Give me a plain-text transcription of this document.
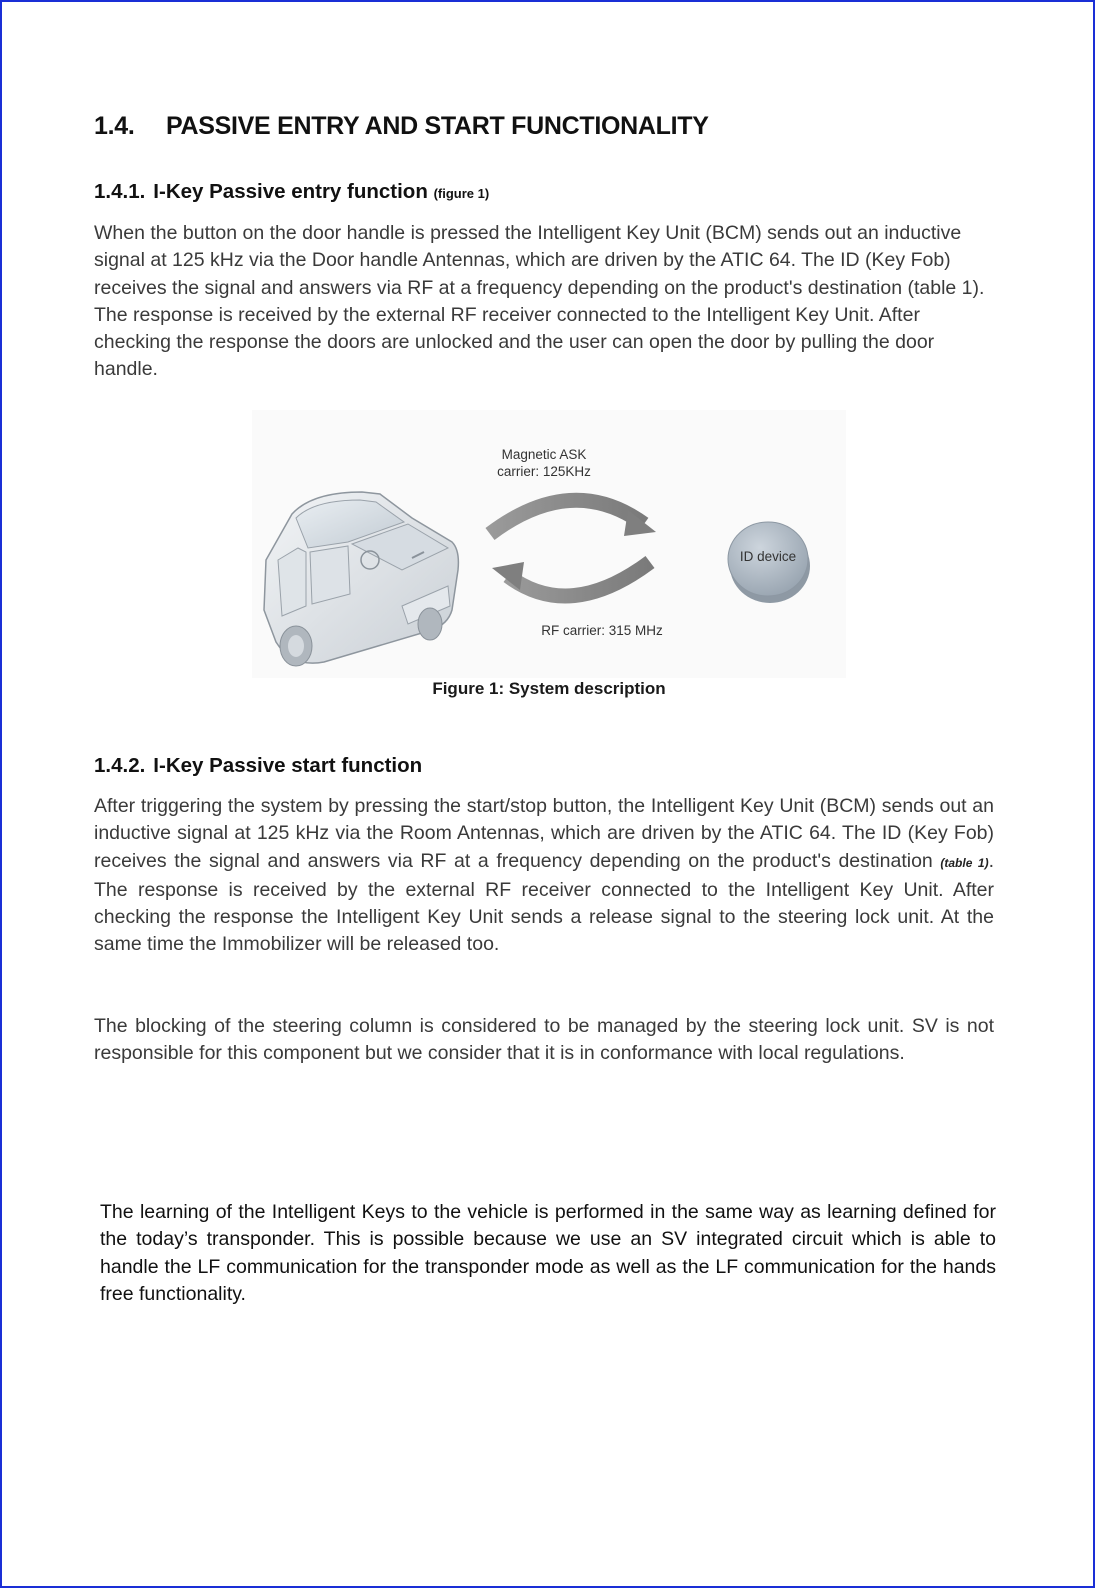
1.4. PASSIVE ENTRY AND START FUNCTIONALITY
1.4.1. I-Key Passive entry function (figure 1)

When the button on the door handle is pressed the Intelligent Key Unit (BCM) sends out an inductive signal at 125 kHz via the Door handle Antennas, which are driven by the ATIC 64. The ID (Key Fob) receives the signal and answers via RF at a frequency depending on the product's destination (table 1). The response is received by the external RF receiver connected to the Intelligent Key Unit. After checking the response the doors are unlocked and the user can open the door by pulling the door handle.

Magnetic ASK
carrier: 125KHz
RF carrier: 315 MHz
ID device
Figure 1: System description
1.4.2. I-Key Passive start function

After triggering the system by pressing the start/stop button, the Intelligent Key Unit (BCM) sends out an inductive signal at 125 kHz via the Room Antennas, which are driven by the ATIC 64. The ID (Key Fob) receives the signal and answers via RF at a frequency depending on the product's destination (table 1). The response is received by the external RF receiver connected to the Intelligent Key Unit. After checking the response the Intelligent Key Unit sends a release signal to the steering lock unit. At the same time the Immobilizer will be released too.

The blocking of the steering column is considered to be managed by the steering lock unit. SV is not responsible for this component but we consider that it is in conformance with local regulations.

The learning of the Intelligent Keys to the vehicle is performed in the same way as learning defined for the today’s transponder. This is possible because we use an SV integrated circuit which is able to handle the LF communication for the transponder mode as well as the LF communication for the hands free functionality.
